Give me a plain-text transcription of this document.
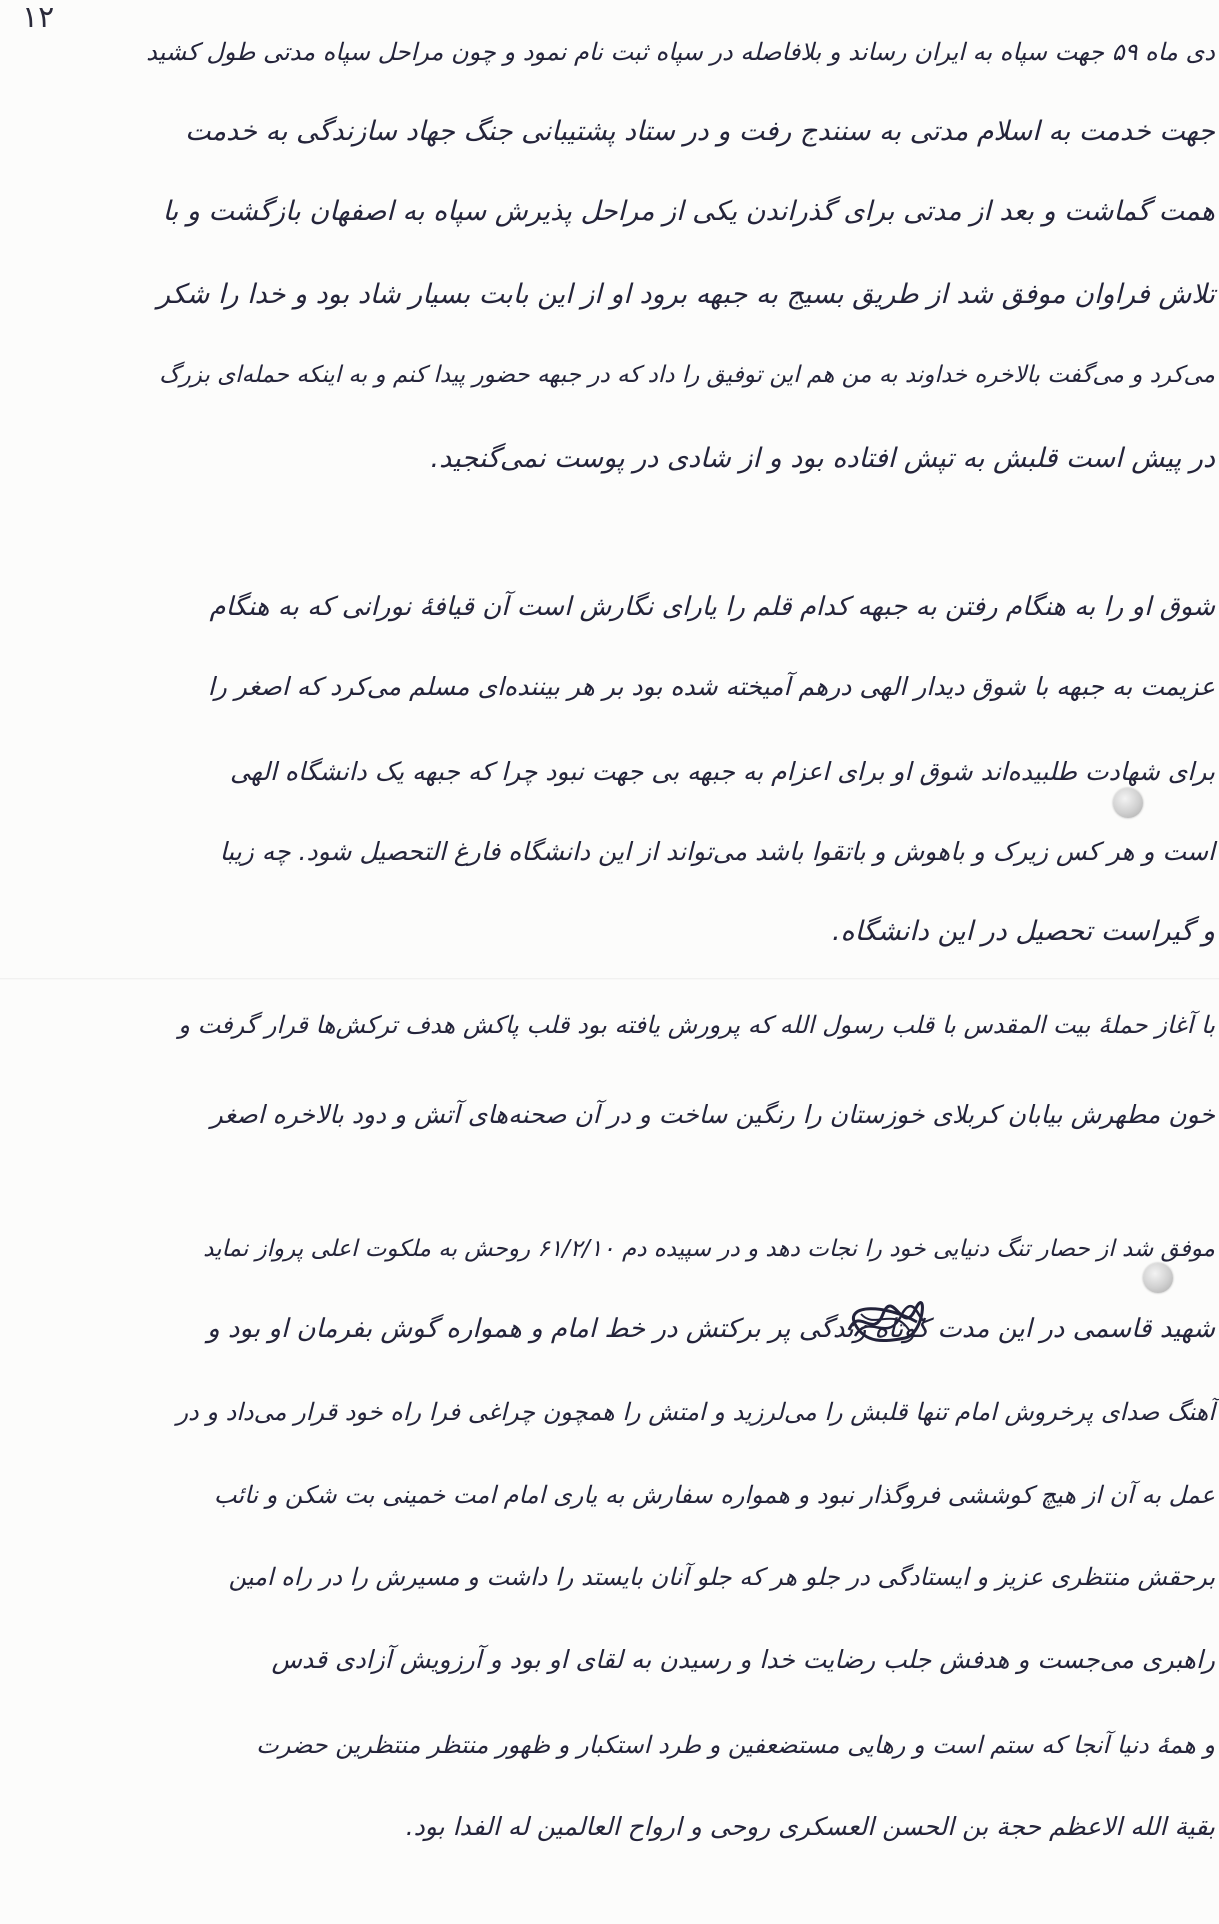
۱۲
دی ماه ۵۹ جهت سپاه به ایران رساند و بلافاصله در سپاه ثبت نام نمود و چون مراحل سپاه مدتی طول کشید
جهت خدمت به اسلام مدتی به سنندج رفت و در ستاد پشتیبانی جنگ جهاد سازندگی به خدمت
همت گماشت و بعد از مدتی برای گذراندن یکی از مراحل پذیرش سپاه به اصفهان بازگشت و با
تلاش فراوان موفق شد از طریق بسیج به جبهه برود او از این بابت بسیار شاد بود و خدا را شکر
می‌کرد و می‌گفت بالاخره خداوند به من هم این توفیق را داد که در جبهه حضور پیدا کنم و به اینکه حمله‌ای بزرگ
در پیش است قلبش به تپش افتاده بود و از شادی در پوست نمی‌گنجید.
شوق او را به هنگام رفتن به جبهه کدام قلم را یارای نگارش است آن قیافهٔ نورانی که به هنگام
عزیمت به جبهه با شوق دیدار الهی درهم آمیخته شده بود بر هر بیننده‌ای مسلم می‌کرد که اصغر را
برای شهادت طلبیده‌اند شوق او برای اعزام به جبهه بی جهت نبود چرا که جبهه یک دانشگاه الهی
است و هر کس زیرک و باهوش و باتقوا باشد می‌تواند از این دانشگاه فارغ التحصیل شود. چه زیبا
و گیراست تحصیل در این دانشگاه.
با آغاز حملهٔ بیت المقدس با قلب رسول الله که پرورش یافته بود قلب پاکش هدف ترکش‌ها قرار گرفت و
خون مطهرش بیابان کربلای خوزستان را رنگین ساخت و در آن صحنه‌های آتش و دود بالاخره اصغر
موفق شد از حصار تنگ دنیایی خود را نجات دهد و در سپیده دم ۶۱/۲/۱۰ روحش به ملکوت اعلی پرواز نماید
شهید قاسمی در این مدت کوتاه زندگی پر برکتش در خط امام و همواره گوش بفرمان او بود و
آهنگ صدای پرخروش امام تنها قلبش را می‌لرزید و امتش را همچون چراغی فرا راه خود قرار می‌داد و در
عمل به آن از هیچ کوششی فروگذار نبود و همواره سفارش به یاری امام امت خمینی بت شکن و نائب
برحقش منتظری عزیز و ایستادگی در جلو هر که جلو آنان بایستد را داشت و مسیرش را در راه امین
راهبری می‌جست و هدفش جلب رضایت خدا و رسیدن به لقای او بود و آرزویش آزادی قدس
و همهٔ دنیا آنجا که ستم است و رهایی مستضعفین و طرد استکبار و ظهور منتظر منتظرین حضرت
بقیة الله الاعظم حجة بن الحسن العسکری روحی و ارواح العالمین له الفدا بود.
